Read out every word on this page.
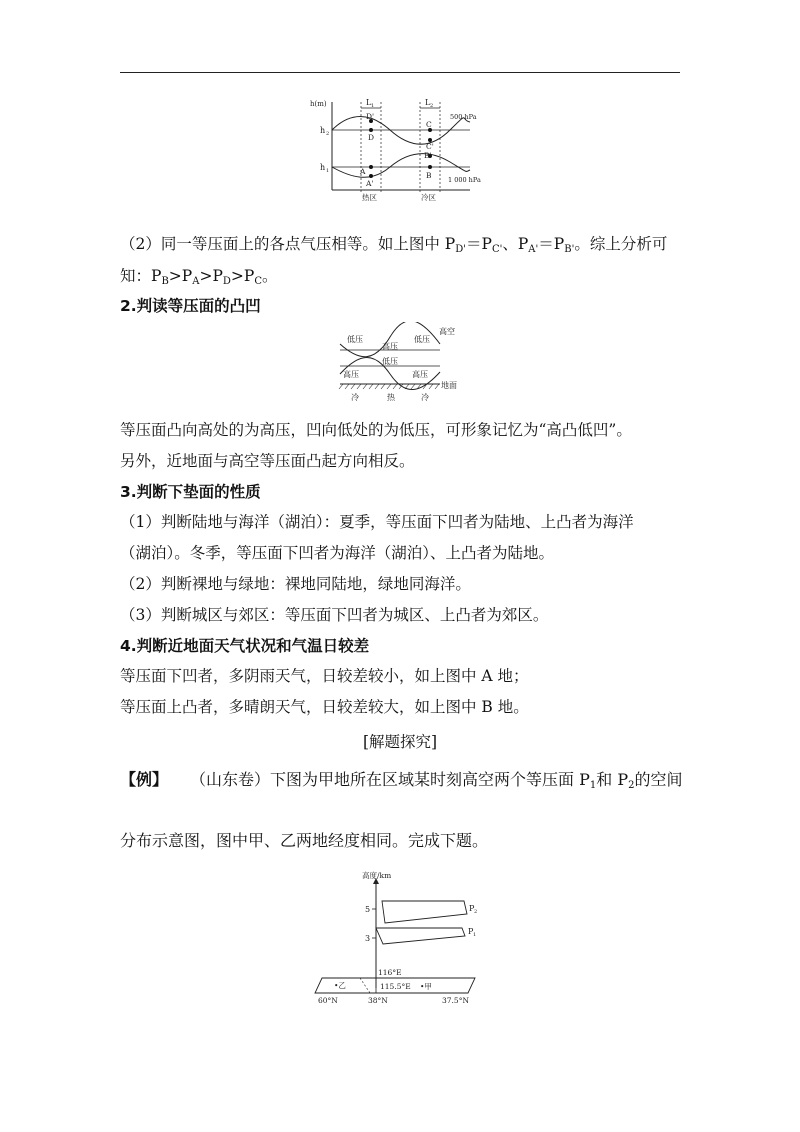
h(m)
h 2
h 1
L 1	L 2
500 hPa
1 000 hPa
D'
D
C
C'
B'
B
A
A'
热区	冷区
（2）同一等压面上的各点气压相等。如上图中 $P_{D'}=P_{C'}$、$P_{A'}=P_{B'}$。综上分析可
知：$P_B>P_A>P_D>P_C$。
2.判读等压面的凸凹
低压
高压
低压
高空
低压
高压	高压
地面
冷	热	冷
等压面凸向高处的为高压，凹向低处的为低压，可形象记忆为“高凸低凹”。
另外，近地面与高空等压面凸起方向相反。
3.判断下垫面的性质
（1）判断陆地与海洋（湖泊）：夏季，等压面下凹者为陆地、上凸者为海洋
（湖泊）。冬季，等压面下凹者为海洋（湖泊）、上凸者为陆地。
（2）判断裸地与绿地：裸地同陆地，绿地同海洋。
（3）判断城区与郊区：等压面下凹者为城区、上凸者为郊区。
4.判断近地面天气状况和气温日较差
等压面下凹者，多阴雨天气，日较差较小，如上图中 A 地；
等压面上凸者，多晴朗天气，日较差较大，如上图中 B 地。
[解题探究]
【例】 （山东卷）下图为甲地所在区域某时刻高空两个等压面 $P_1$和 $P_2$的空间
分布示意图，图中甲、乙两地经度相同。完成下题。
高度/km
5
3
P 2
P 1
116°E
115.5°E •甲
•乙
60°N	38°N	37.5°N
